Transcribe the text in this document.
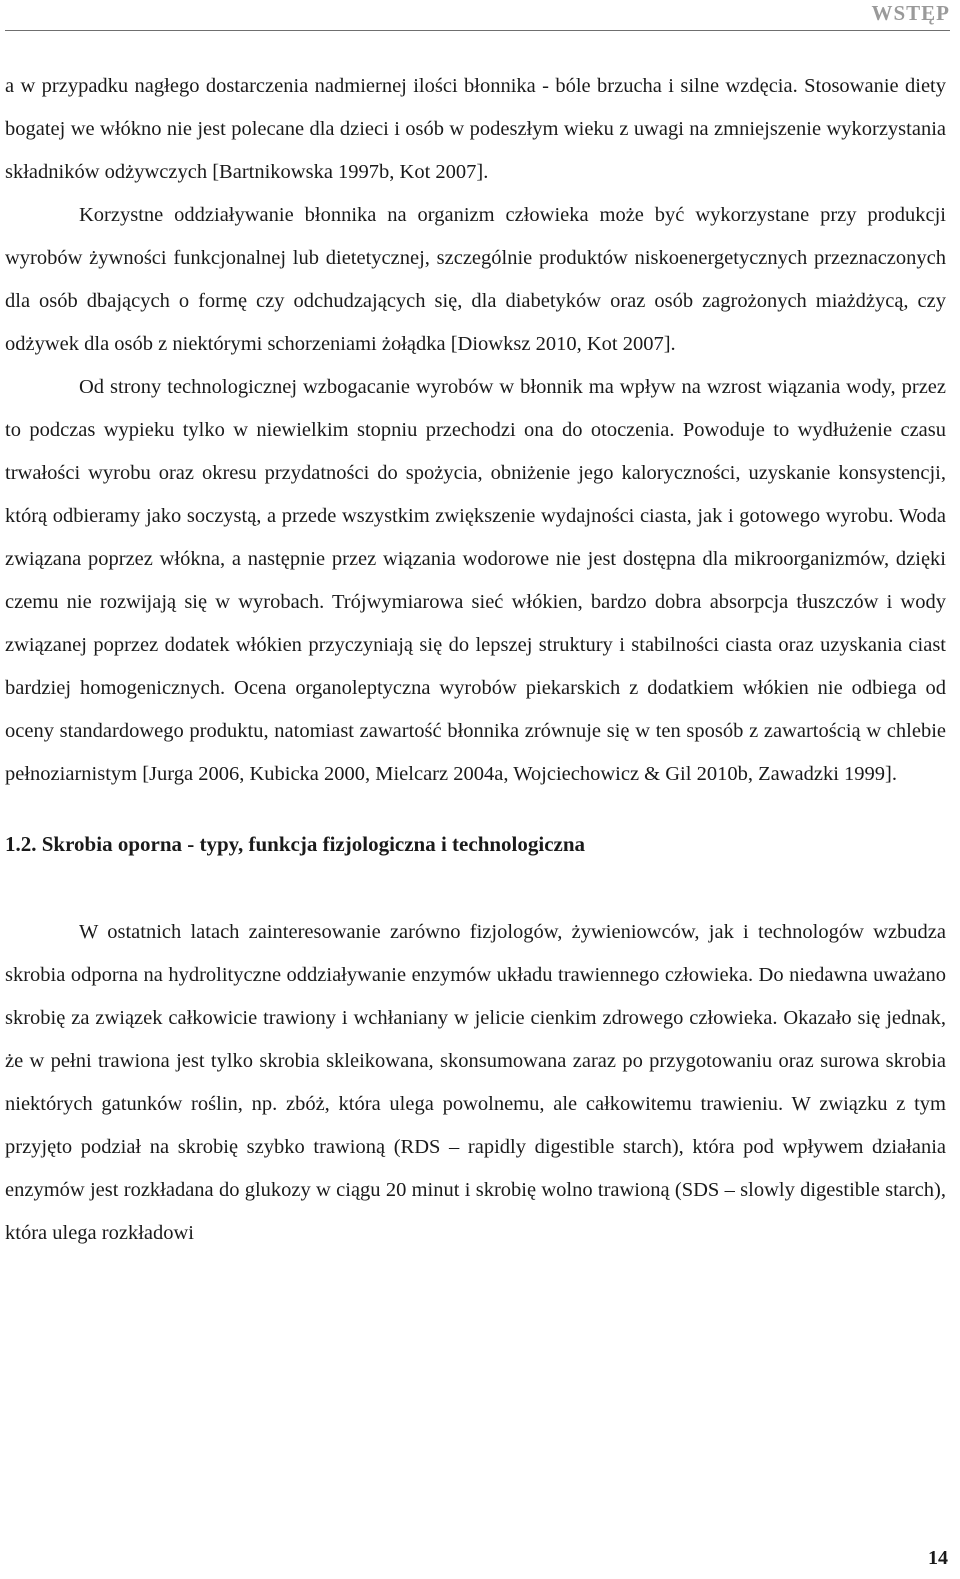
WSTĘP

a w przypadku nagłego dostarczenia nadmiernej ilości błonnika - bóle brzucha i silne wzdęcia. Stosowanie diety bogatej we włókno nie jest polecane dla dzieci i osób w podeszłym wieku z uwagi na zmniejszenie wykorzystania składników odżywczych [Bartnikowska 1997b, Kot 2007].

Korzystne oddziaływanie błonnika na organizm człowieka może być wykorzystane przy produkcji wyrobów żywności funkcjonalnej lub dietetycznej, szczególnie produktów niskoenergetycznych przeznaczonych dla osób dbających o formę czy odchudzających się, dla diabetyków oraz osób zagrożonych miażdżycą, czy odżywek dla osób z niektórymi schorzeniami żołądka [Diowksz 2010, Kot 2007].

Od strony technologicznej wzbogacanie wyrobów w błonnik ma wpływ na wzrost wiązania wody, przez to podczas wypieku tylko w niewielkim stopniu przechodzi ona do otoczenia. Powoduje to wydłużenie czasu trwałości wyrobu oraz okresu przydatności do spożycia, obniżenie jego kaloryczności, uzyskanie konsystencji, którą odbieramy jako soczystą, a przede wszystkim zwiększenie wydajności ciasta, jak i gotowego wyrobu. Woda związana poprzez włókna, a następnie przez wiązania wodorowe nie jest dostępna dla mikroorganizmów, dzięki czemu nie rozwijają się w wyrobach. Trójwymiarowa sieć włókien, bardzo dobra absorpcja tłuszczów i wody związanej poprzez dodatek włókien przyczyniają się do lepszej struktury i stabilności ciasta oraz uzyskania ciast bardziej homogenicznych. Ocena organoleptyczna wyrobów piekarskich z dodatkiem włókien nie odbiega od oceny standardowego produktu, natomiast zawartość błonnika zrównuje się w ten sposób z zawartością w chlebie pełnoziarnistym [Jurga 2006, Kubicka 2000, Mielcarz 2004a, Wojciechowicz & Gil 2010b, Zawadzki 1999].

1.2. Skrobia oporna - typy, funkcja fizjologiczna i technologiczna

W ostatnich latach zainteresowanie zarówno fizjologów, żywieniowców, jak i technologów wzbudza skrobia odporna na hydrolityczne oddziaływanie enzymów układu trawiennego człowieka. Do niedawna uważano skrobię za związek całkowicie trawiony i wchłaniany w jelicie cienkim zdrowego człowieka. Okazało się jednak, że w pełni trawiona jest tylko skrobia skleikowana, skonsumowana zaraz po przygotowaniu oraz surowa skrobia niektórych gatunków roślin, np. zbóż, która ulega powolnemu, ale całkowitemu trawieniu. W związku z tym przyjęto podział na skrobię szybko trawioną (RDS – rapidly digestible starch), która pod wpływem działania enzymów jest rozkładana do glukozy w ciągu 20 minut i skrobię wolno trawioną (SDS – slowly digestible starch), która ulega rozkładowi

14
